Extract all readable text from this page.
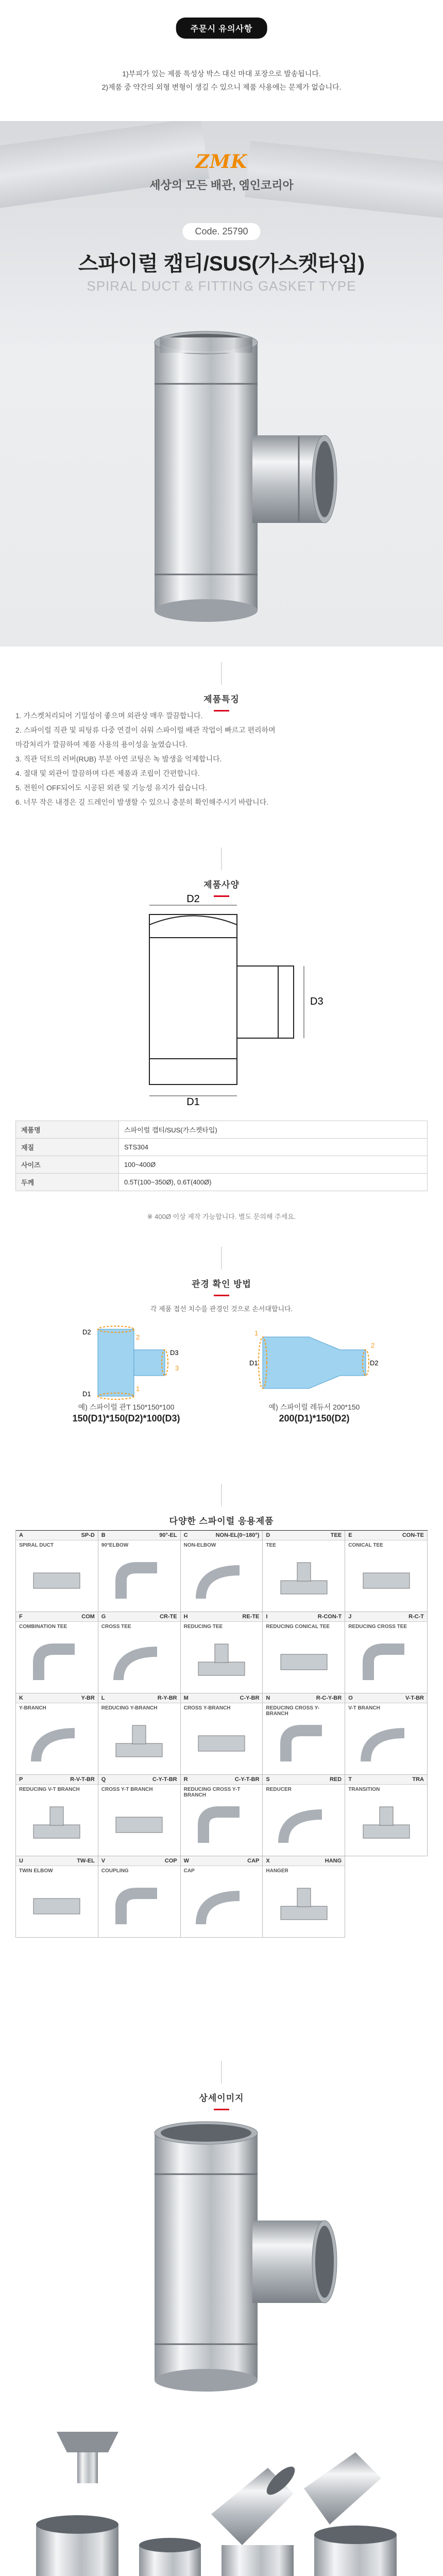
주문시 유의사항
1)부피가 있는 제품 특성상 박스 대신 마대 포장으로 발송됩니다.
2)제품 중 약간의 외형 변형이 생길 수 있으니 제품 사용에는 문제가 없습니다.
ZMK
세상의 모든 배관, 엠인코리아
Code. 25790
스파이럴 캡티/SUS(가스켓타입)
SPIRAL DUCT & FITTING GASKET TYPE
제품특징
1. 가스켓처리되어 기밀성이 좋으며 외관상 매우 깔끔합니다.
2. 스파이럴 직관 및 피팅류 다중 연결이 쉬워 스파이럴 배관 작업이 빠르고 편리하며
마감처리가 깔끔하여 제품 사용의 용이성을 높였습니다.
3. 직관 덕트의 러버(RUB) 부분 아연 코팅은 녹 발생을 억제합니다.
4. 절대 및 외관이 깔끔하며 다른 제품과 조립이 간편합니다.
5. 전원이 OFF되어도 시공된 외관 및 기능성 유지가 쉽습니다.
6. 너무 작은 내경은 길 드레인이 발생할 수 있으니 충분히 확인해주시기 바랍니다.
제품사양
D2
D1
D3
제품명	스파이럴 캡티/SUS(가스켓타입)
재질	STS304
사이즈	100~400Ø
두께	0.5T(100~350Ø), 0.6T(400Ø)
※ 400Ø 이상 제작 가능합니다. 별도 문의해 주세요.
관경 확인 방법
각 제품 접선 치수를 관경인 것으로 손서대합니다.
D2
D1
D3
2
1
3
D1	D2
1
2
예) 스파이럴 관T 150*150*100
150(D1)*150(D2)*100(D3)
예) 스파이럴 레듀서 200*150
200(D1)*150(D2)
다양한 스파이럴 응용제품
A	SP-D
SPIRAL DUCT
B	90°-EL
90°ELBOW
C	NON-EL(0~180°)
NON-ELBOW
D	TEE
TEE
E	CON-TE
CONICAL TEE
F	COM
COMBINATION TEE
G	CR-TE
CROSS TEE
H	RE-TE
REDUCING TEE
I	R-CON-T
REDUCING CONICAL TEE
J	R-C-T
REDUCING CROSS TEE
K	Y-BR
Y-BRANCH
L	R-Y-BR
REDUCING Y-BRANCH
M	C-Y-BR
CROSS Y-BRANCH
N	R-C-Y-BR
REDUCING CROSS Y-BRANCH
O	V-T-BR
V-T BRANCH
P	R-V-T-BR
REDUCING V-T BRANCH
Q	C-Y-T-BR
CROSS Y-T BRANCH
R	C-Y-T-BR
REDUCING CROSS Y-T BRANCH
S	RED
REDUCER
T	TRA
TRANSITION
U	TW-EL
TWIN ELBOW
V	COP
COUPLING
W	CAP
CAP
X	HANG
HANGER
상세이미지
